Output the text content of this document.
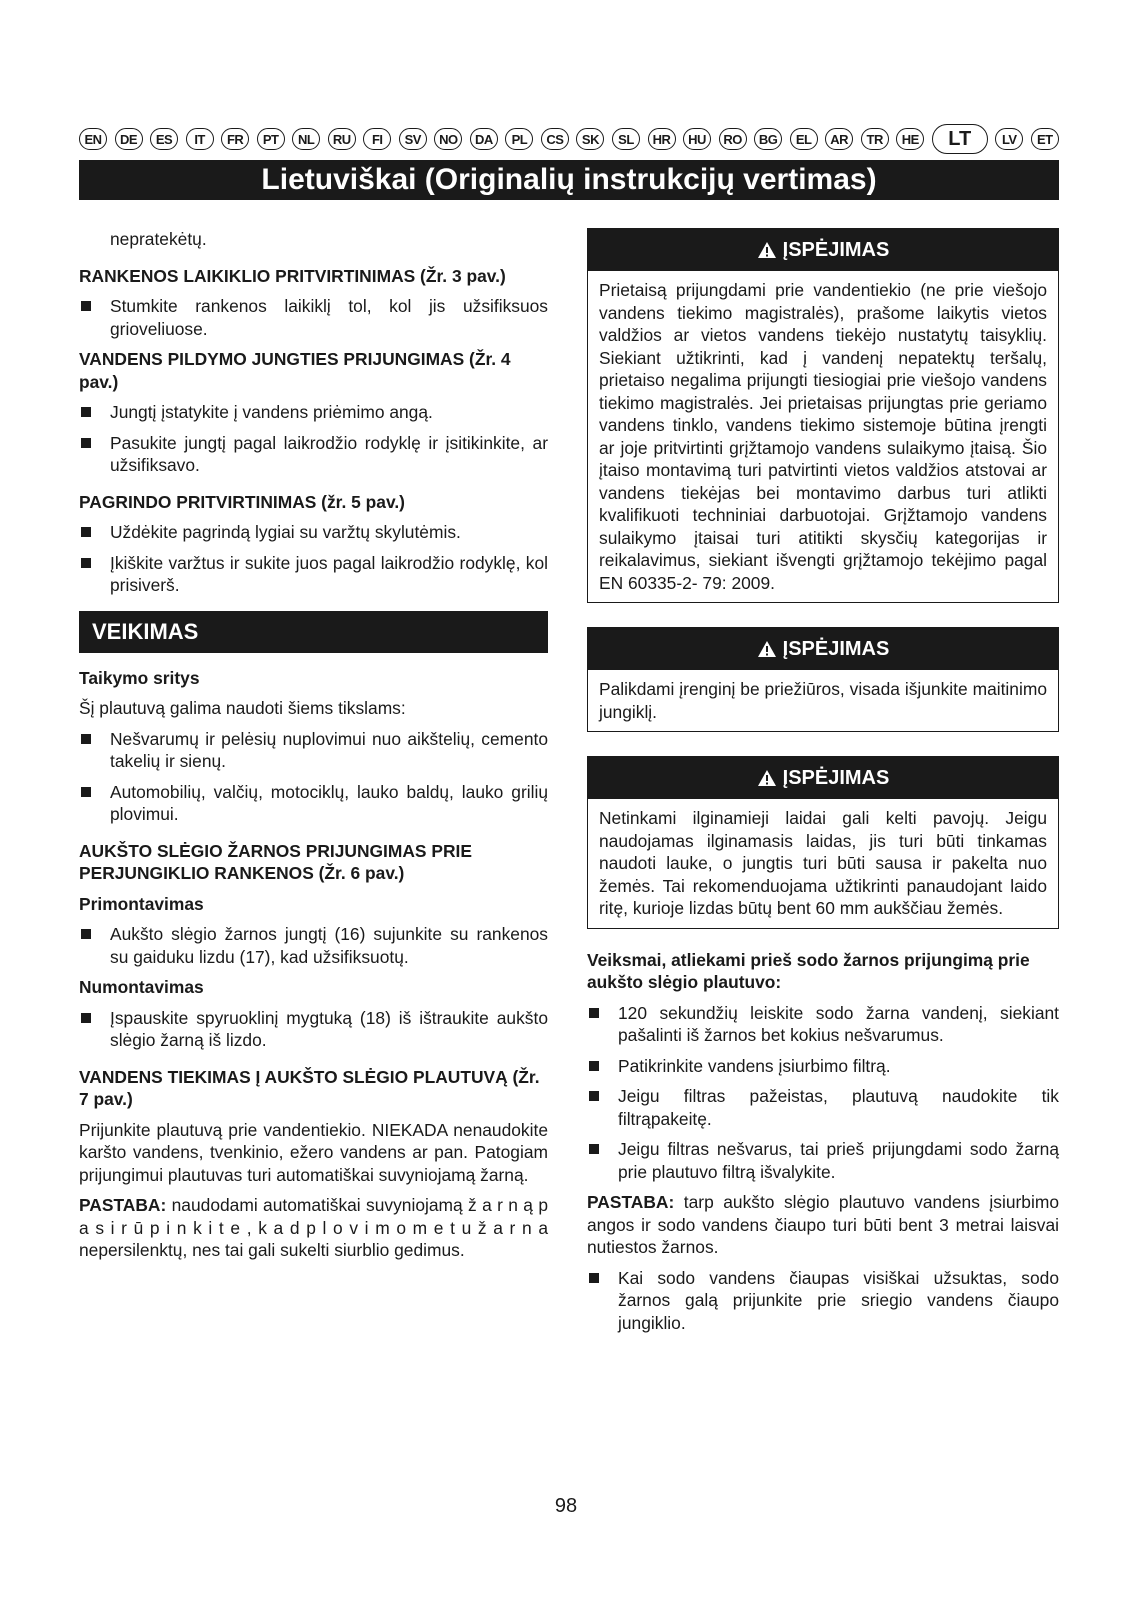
EN	DE	ES	IT	FR	PT	NL	RU	FI	SV	NO	DA	PL	CS	SK	SL	HR	HU	RO	BG	EL	AR	TR	HE	LT	LV	ET
Lietuviškai (Originalių instrukcijų vertimas)

nepratekėtų.

RANKENOS LAIKIKLIO PRITVIRTINIMAS (Žr. 3 pav.)
Stumkite rankenos laikiklį tol, kol jis užsifiksuos grioveliuose.
VANDENS PILDYMO JUNGTIES PRIJUNGIMAS (Žr. 4 pav.)
Jungtį įstatykite į vandens priėmimo angą.
Pasukite jungtį pagal laikrodžio rodyklę ir įsitikinkite, ar užsifiksavo.
PAGRINDO PRITVIRTINIMAS (žr. 5 pav.)
Uždėkite pagrindą lygiai su varžtų skylutėmis.
Įkiškite varžtus ir sukite juos pagal laikrodžio rodyklę, kol prisiverš.
VEIKIMAS
Taikymo sritys

Šį plautuvą galima naudoti šiems tikslams:

Nešvarumų ir pelėsių nuplovimui nuo aikštelių, cemento takelių ir sienų.
Automobilių, valčių, motociklų, lauko baldų, lauko grilių plovimui.
AUKŠTO SLĖGIO ŽARNOS PRIJUNGIMAS PRIE PERJUNGIKLIO RANKENOS (Žr. 6 pav.)
Primontavimas
Aukšto slėgio žarnos jungtį (16) sujunkite su rankenos su gaiduku lizdu (17), kad užsifiksuotų.
Numontavimas
Įspauskite spyruoklinį mygtuką (18) iš ištraukite aukšto slėgio žarną iš lizdo.
VANDENS TIEKIMAS Į AUKŠTO SLĖGIO PLAUTUVĄ (Žr. 7 pav.)

Prijunkite plautuvą prie vandentiekio. NIEKADA nenaudokite karšto vandens, tvenkinio, ežero vandens ar pan. Patogiam prijungimui plautuvas turi automatiškai suvyniojamą žarną.

PASTABA: naudodami automatiškai suvyniojamą ž a r n ą p a s i r ū p i n k i t e , k a d p l o v i m o m e t u ž a r n a nepersilenktų, nes tai gali sukelti siurblio gedimus.

ĮSPĖJIMAS

Prietaisą prijungdami prie vandentiekio (ne prie viešojo vandens tiekimo magistralės), prašome laikytis vietos valdžios ar vietos vandens tiekėjo nustatytų taisyklių. Siekiant užtikrinti, kad į vandenį nepatektų teršalų, prietaiso negalima prijungti tiesiogiai prie viešojo vandens tiekimo magistralės. Jei prietaisas prijungtas prie geriamo vandens tinklo, vandens tiekimo sistemoje būtina įrengti ar joje pritvirtinti grįžtamojo vandens sulaikymo įtaisą. Šio įtaiso montavimą turi patvirtinti vietos valdžios atstovai ar vandens tiekėjas bei montavimo darbus turi atlikti kvalifikuoti techniniai darbuotojai. Grįžtamojo vandens sulaikymo įtaisai turi atitikti skysčių kategorijas ir reikalavimus, siekiant išvengti grįžtamojo tekėjimo pagal EN 60335-2- 79: 2009.

ĮSPĖJIMAS

Palikdami įrenginį be priežiūros, visada išjunkite maitinimo jungiklį.

ĮSPĖJIMAS

Netinkami ilginamieji laidai gali kelti pavojų. Jeigu naudojamas ilginamasis laidas, jis turi būti tinkamas naudoti lauke, o jungtis turi būti sausa ir pakelta nuo žemės. Tai rekomenduojama užtikrinti panaudojant laido ritę, kurioje lizdas būtų bent 60 mm aukščiau žemės.

Veiksmai, atliekami prieš sodo žarnos prijungimą prie aukšto slėgio plautuvo:
120 sekundžių leiskite sodo žarna vandenį, siekiant pašalinti iš žarnos bet kokius nešvarumus.
Patikrinkite vandens įsiurbimo filtrą.
Jeigu filtras pažeistas, plautuvą naudokite tik filtrąpakeitę.
Jeigu filtras nešvarus, tai prieš prijungdami sodo žarną prie plautuvo filtrą išvalykite.

PASTABA: tarp aukšto slėgio plautuvo vandens įsiurbimo angos ir sodo vandens čiaupo turi būti bent 3 metrai laisvai nutiestos žarnos.

Kai sodo vandens čiaupas visiškai užsuktas, sodo žarnos galą prijunkite prie sriegio vandens čiaupo jungiklio.
98
